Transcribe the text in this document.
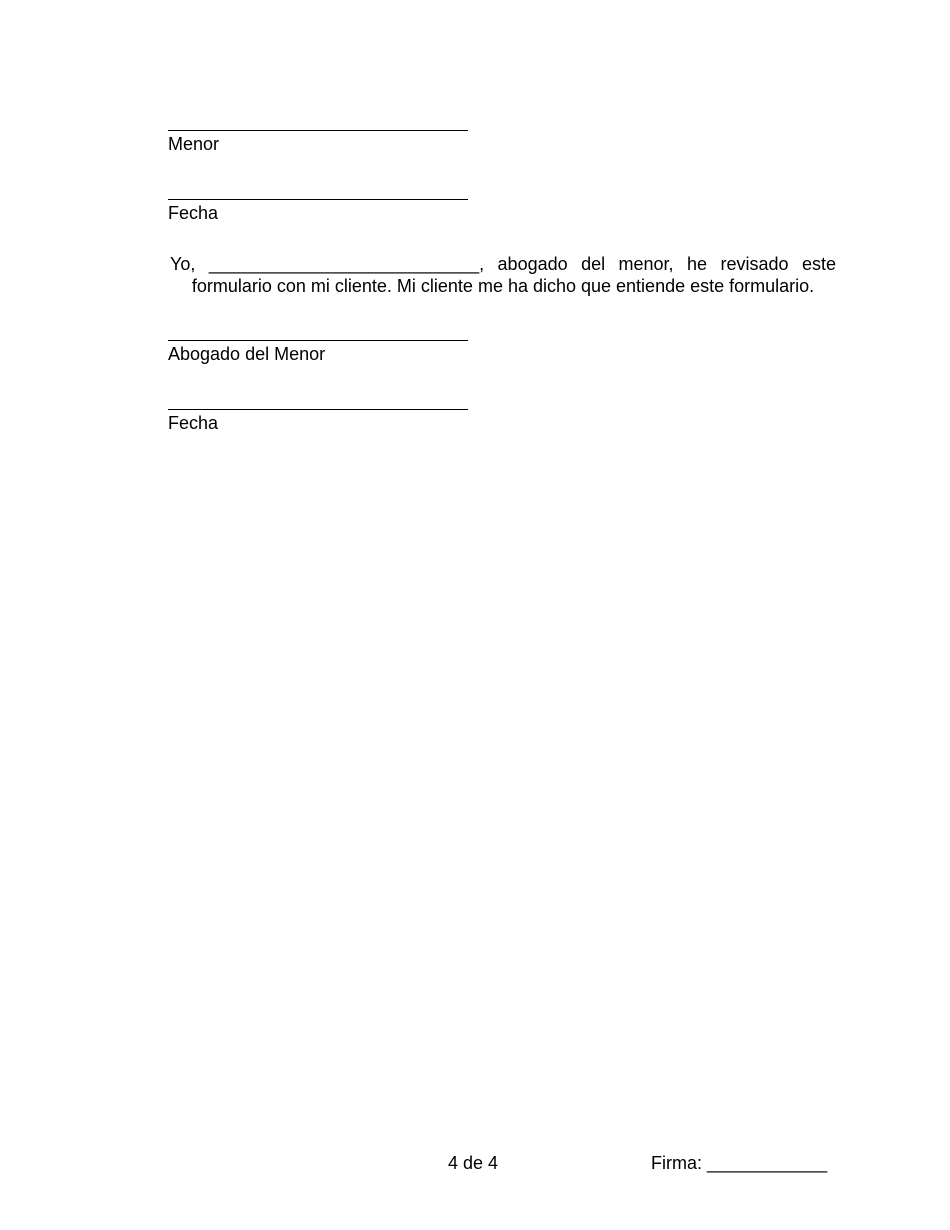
Menor
Fecha
Yo, ___________________________, abogado del menor, he revisado este
formulario con mi cliente. Mi cliente me ha dicho que entiende este formulario.
Abogado del Menor
Fecha
4 de 4	Firma: ____________
